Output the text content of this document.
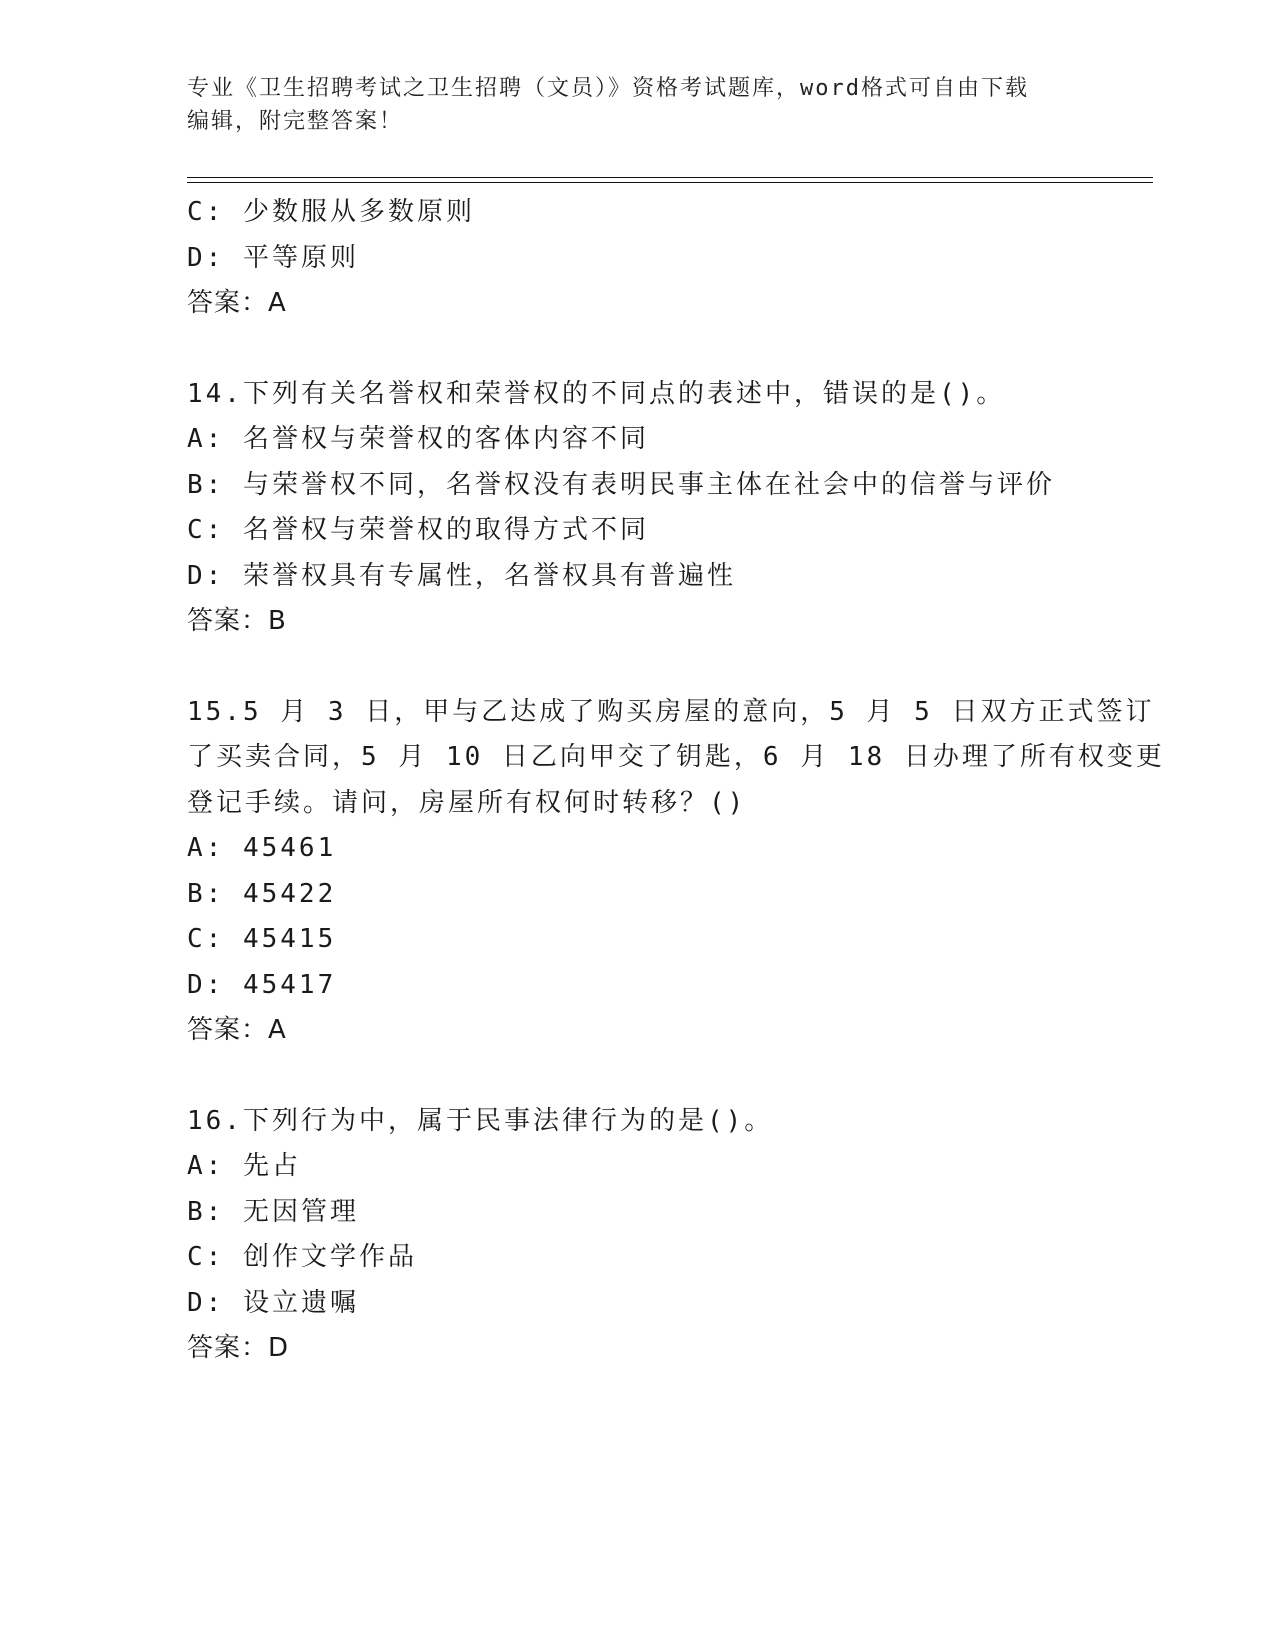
专业《卫生招聘考试之卫生招聘（文员）》资格考试题库，word格式可自由下载
编辑，附完整答案！
C: 少数服从多数原则
D: 平等原则
答案：A
14.下列有关名誉权和荣誉权的不同点的表述中，错误的是()。
A: 名誉权与荣誉权的客体内容不同
B: 与荣誉权不同，名誉权没有表明民事主体在社会中的信誉与评价
C: 名誉权与荣誉权的取得方式不同
D: 荣誉权具有专属性，名誉权具有普遍性
答案：B
15.5 月 3 日，甲与乙达成了购买房屋的意向，5 月 5 日双方正式签订
了买卖合同，5 月 10 日乙向甲交了钥匙，6 月 18 日办理了所有权变更
登记手续。请问，房屋所有权何时转移？()
A: 45461
B: 45422
C: 45415
D: 45417
答案：A
16.下列行为中，属于民事法律行为的是()。
A: 先占
B: 无因管理
C: 创作文学作品
D: 设立遗嘱
答案：D
